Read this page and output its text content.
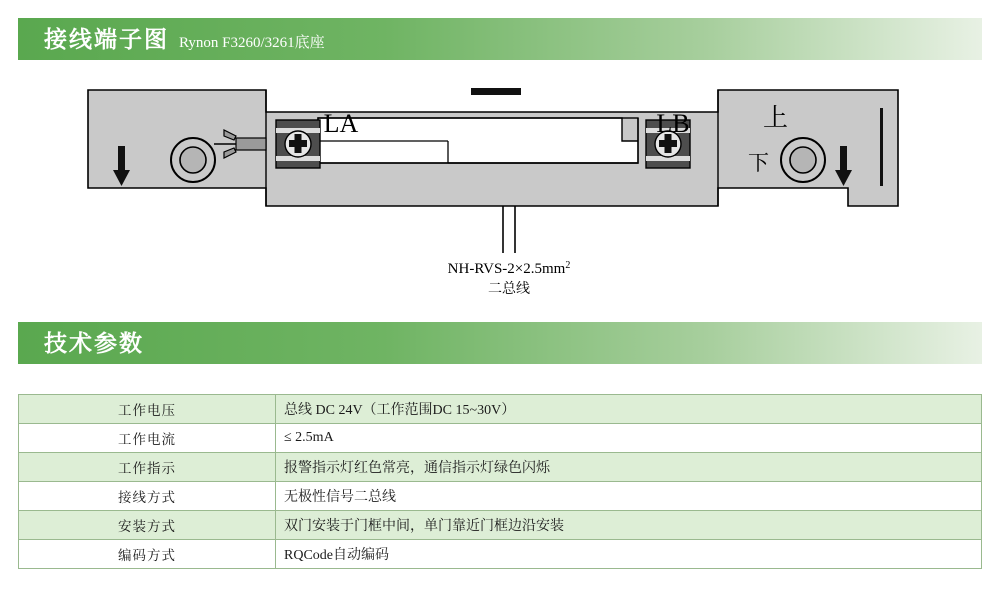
接线端子图 Rynon F3260/3261底座
LA	LB	上
下
$NH-RVS-2\times 2.5mm^2$
二总线
技术参数
工作电压	总线 DC 24V（工作范围DC 15~30V）
工作电流	≤ 2.5mA
工作指示	报警指示灯红色常亮，通信指示灯绿色闪烁
接线方式	无极性信号二总线
安装方式	双门安装于门框中间，单门靠近门框边沿安装
编码方式	RQCode自动编码
